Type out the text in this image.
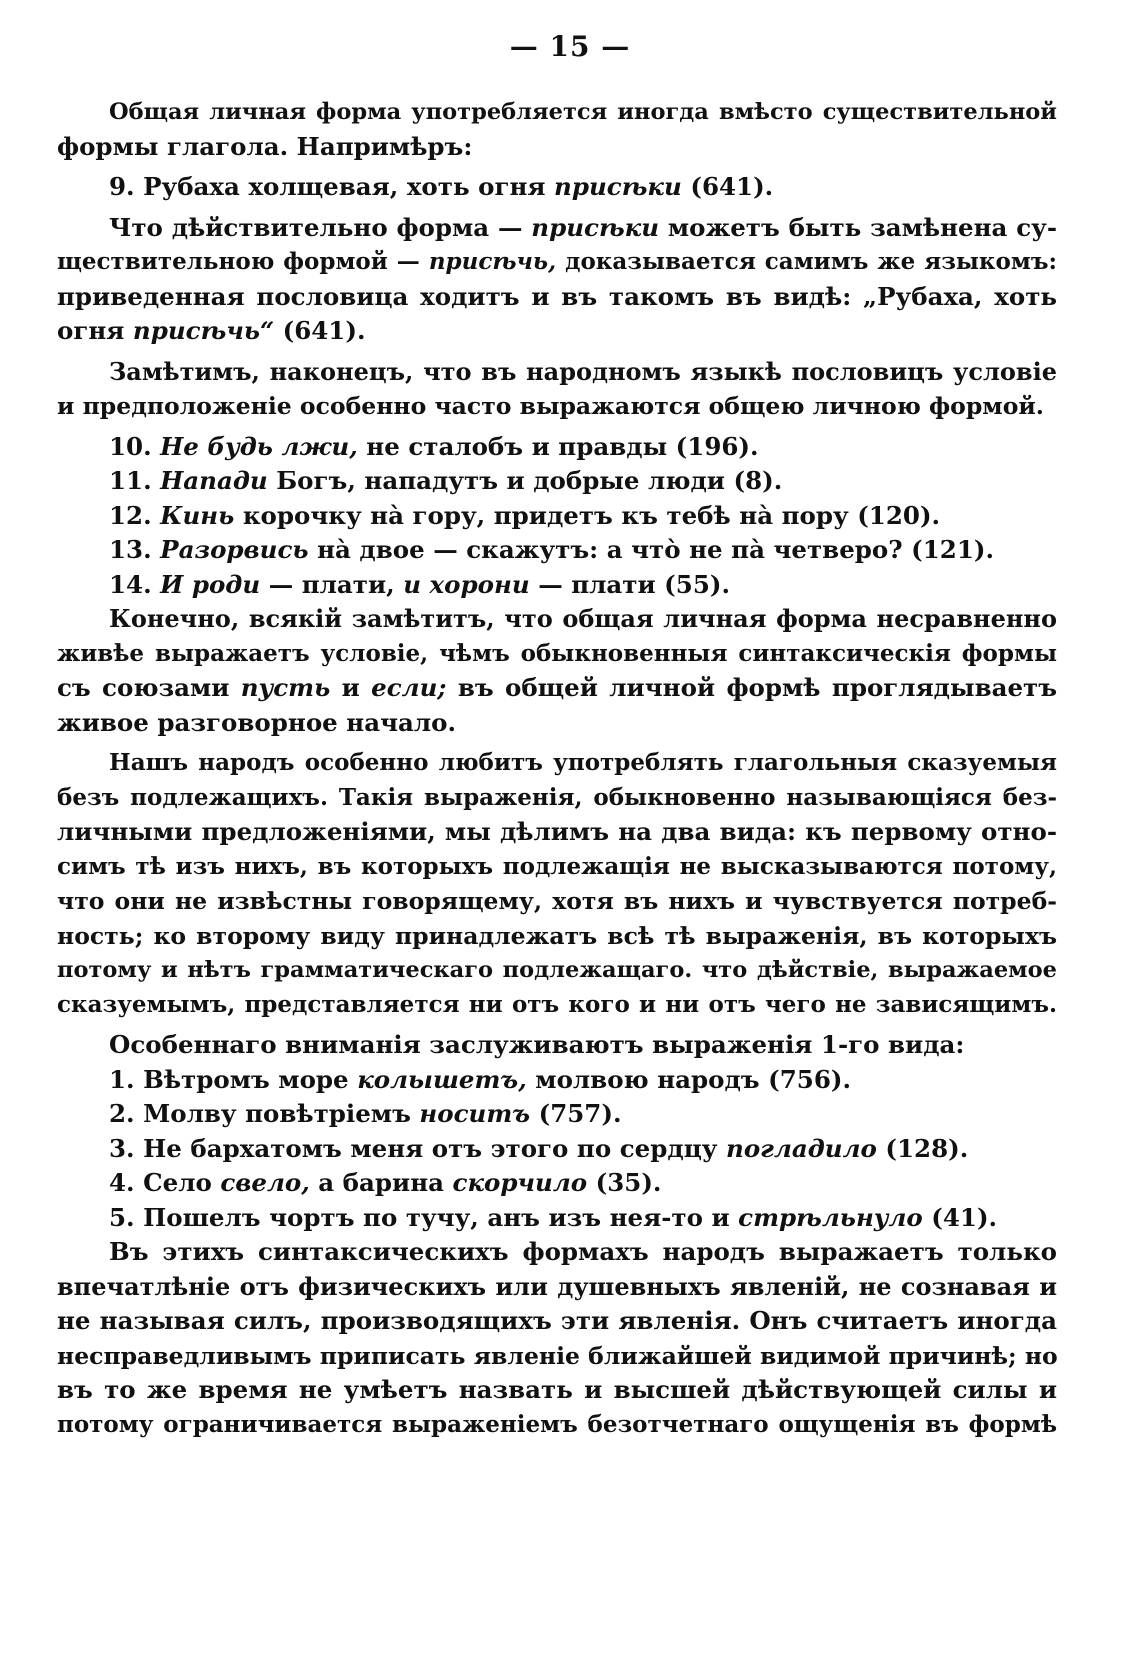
— 15 —
Общая личная форма употребляется иногда вмѣсто существительной
формы глагола. Напримѣръ:
9. Рубаха холщевая, хоть огня присѣки (641).
Что дѣйствительно форма — присѣки можетъ быть замѣнена су-
ществительною формой — присѣчь, доказывается самимъ же языкомъ:
приведенная пословица ходитъ и въ такомъ въ видѣ: „Рубаха, хоть
огня присѣчь“ (641).
Замѣтимъ, наконецъ, что въ народномъ языкѣ пословицъ условіе
и предположеніе особенно часто выражаются общею личною формой.
10. Не будь лжи, не сталобъ и правды (196).
11. Напади Богъ, нападутъ и добрые люди (8).
12. Кинь корочку на̀ гору, придетъ къ тебѣ на̀ пору (120).
13. Разорвись на̀ двое — скажутъ: а что̀ не па̀ четверо? (121).
14. И роди — плати, и хорони — плати (55).
Конечно, всякій замѣтитъ, что общая личная форма несравненно
живѣе выражаетъ условіе, чѣмъ обыкновенныя синтаксическія формы
съ союзами пусть и если; въ общей личной формѣ проглядываетъ
живое разговорное начало.
Нашъ народъ особенно любитъ употреблять глагольныя сказуемыя
безъ подлежащихъ. Такія выраженія, обыкновенно называющіяся без-
личными предложеніями, мы дѣлимъ на два вида: къ первому отно-
симъ тѣ изъ нихъ, въ которыхъ подлежащія не высказываются потому,
что они не извѣстны говорящему, хотя въ нихъ и чувствуется потреб-
ность; ко второму виду принадлежатъ всѣ тѣ выраженія, въ которыхъ
потому и нѣтъ грамматическаго подлежащаго. что дѣйствіе, выражаемое
сказуемымъ, представляется ни отъ кого и ни отъ чего не зависящимъ.
Особеннаго вниманія заслуживаютъ выраженія 1-го вида:
1. Вѣтромъ море колышетъ, молвою народъ (756).
2. Молву повѣтріемъ носитъ (757).
3. Не бархатомъ меня отъ этого по сердцу погладило (128).
4. Село свело, а барина скорчило (35).
5. Пошелъ чортъ по тучу, анъ изъ нея-то и стрѣльнуло (41).
Въ этихъ синтаксическихъ формахъ народъ выражаетъ только
впечатлѣніе отъ физическихъ или душевныхъ явленій, не сознавая и
не называя силъ, производящихъ эти явленія. Онъ считаетъ иногда
несправедливымъ приписать явленіе ближайшей видимой причинѣ; но
въ то же время не умѣетъ назвать и высшей дѣйствующей силы и
потому ограничивается выраженіемъ безотчетнаго ощущенія въ формѣ
